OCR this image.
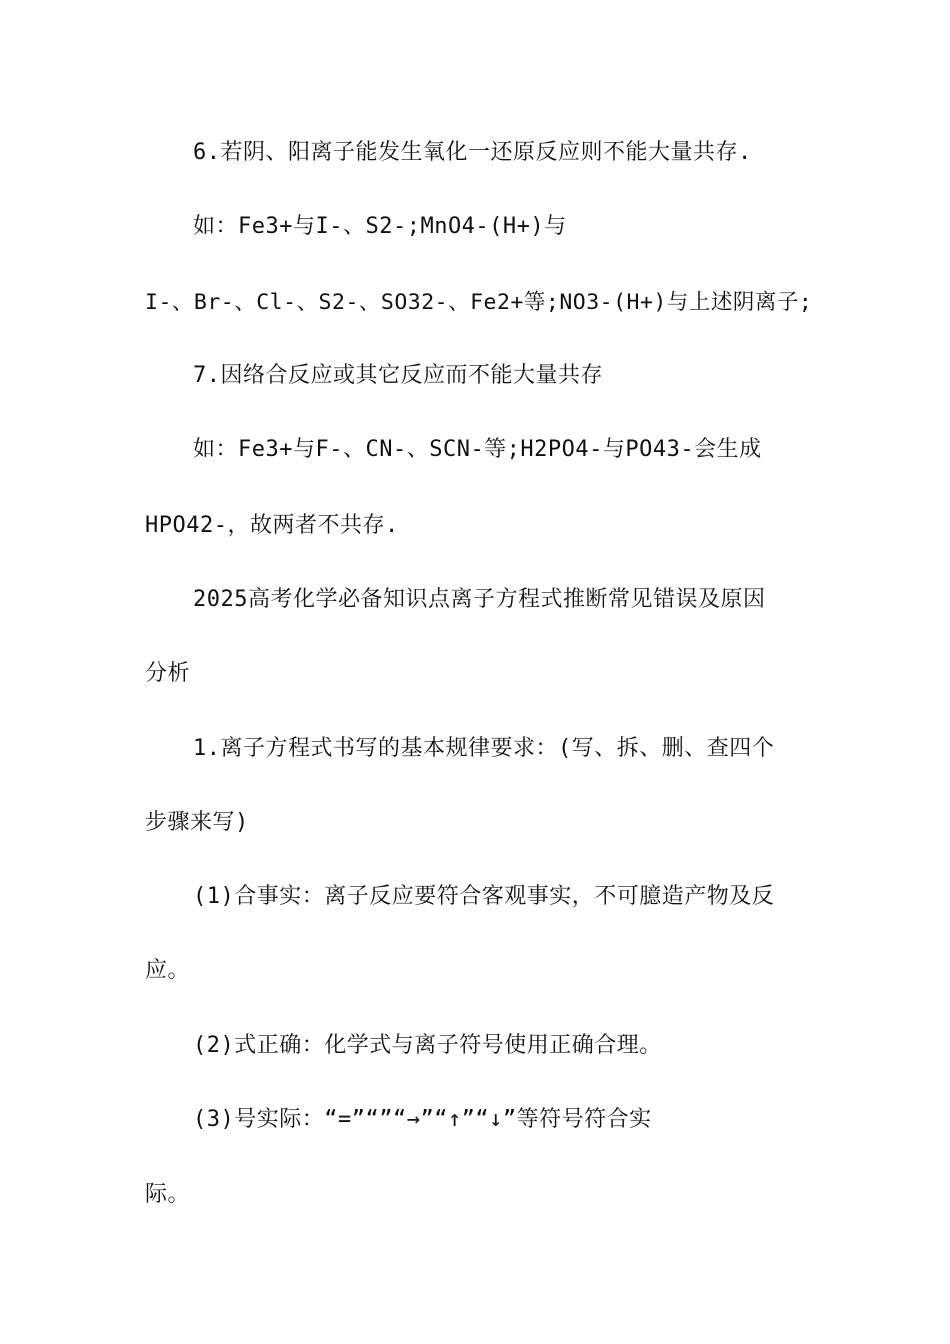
6.若阴、阳离子能发生氧化一还原反应则不能大量共存.
如：Fe3+与I-、S2-;MnO4-(H+)与
I-、Br-、Cl-、S2-、SO32-、Fe2+等;NO3-(H+)与上述阴离子;
7.因络合反应或其它反应而不能大量共存
如：Fe3+与F-、CN-、SCN-等;H2PO4-与PO43-会生成
HPO42-，故两者不共存.
2025高考化学必备知识点离子方程式推断常见错误及原因
分析
1.离子方程式书写的基本规律要求：(写、拆、删、查四个
步骤来写)
(1)合事实：离子反应要符合客观事实，不可臆造产物及反
应。
(2)式正确：化学式与离子符号使用正确合理。
(3)号实际：“=”“”“→”“↑”“↓”等符号符合实
际。
